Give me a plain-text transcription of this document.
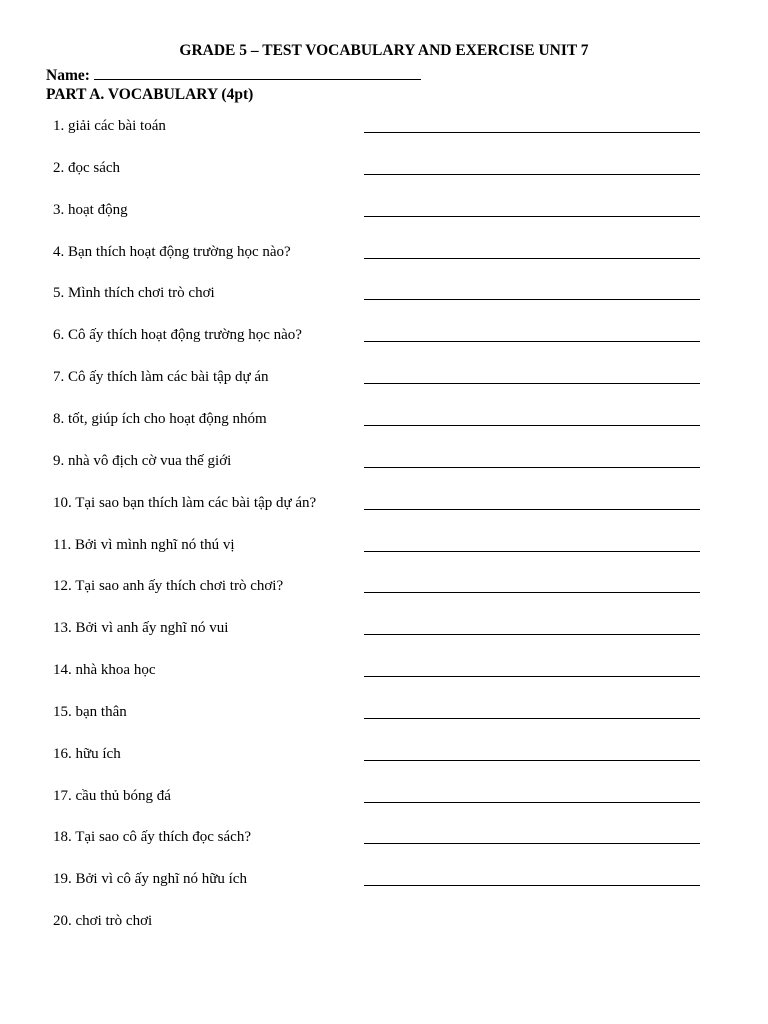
GRADE 5 – TEST VOCABULARY AND EXERCISE UNIT 7
Name:
PART A. VOCABULARY (4pt)
1. giải các bài toán
2. đọc sách
3. hoạt động
4. Bạn thích hoạt động trường học nào?
5. Mình thích chơi trò chơi
6. Cô ấy thích hoạt động trường học nào?
7. Cô ấy thích làm các bài tập dự án
8. tốt, giúp ích cho hoạt động nhóm
9. nhà vô địch cờ vua thế giới
10. Tại sao bạn thích làm các bài tập dự án?
11. Bởi vì mình nghĩ nó thú vị
12. Tại sao anh ấy thích chơi trò chơi?
13. Bởi vì anh ấy nghĩ nó vui
14. nhà khoa học
15. bạn thân
16. hữu ích
17. cầu thủ bóng đá
18. Tại sao cô ấy thích đọc sách?
19. Bởi vì cô ấy nghĩ nó hữu ích
20. chơi trò chơi
